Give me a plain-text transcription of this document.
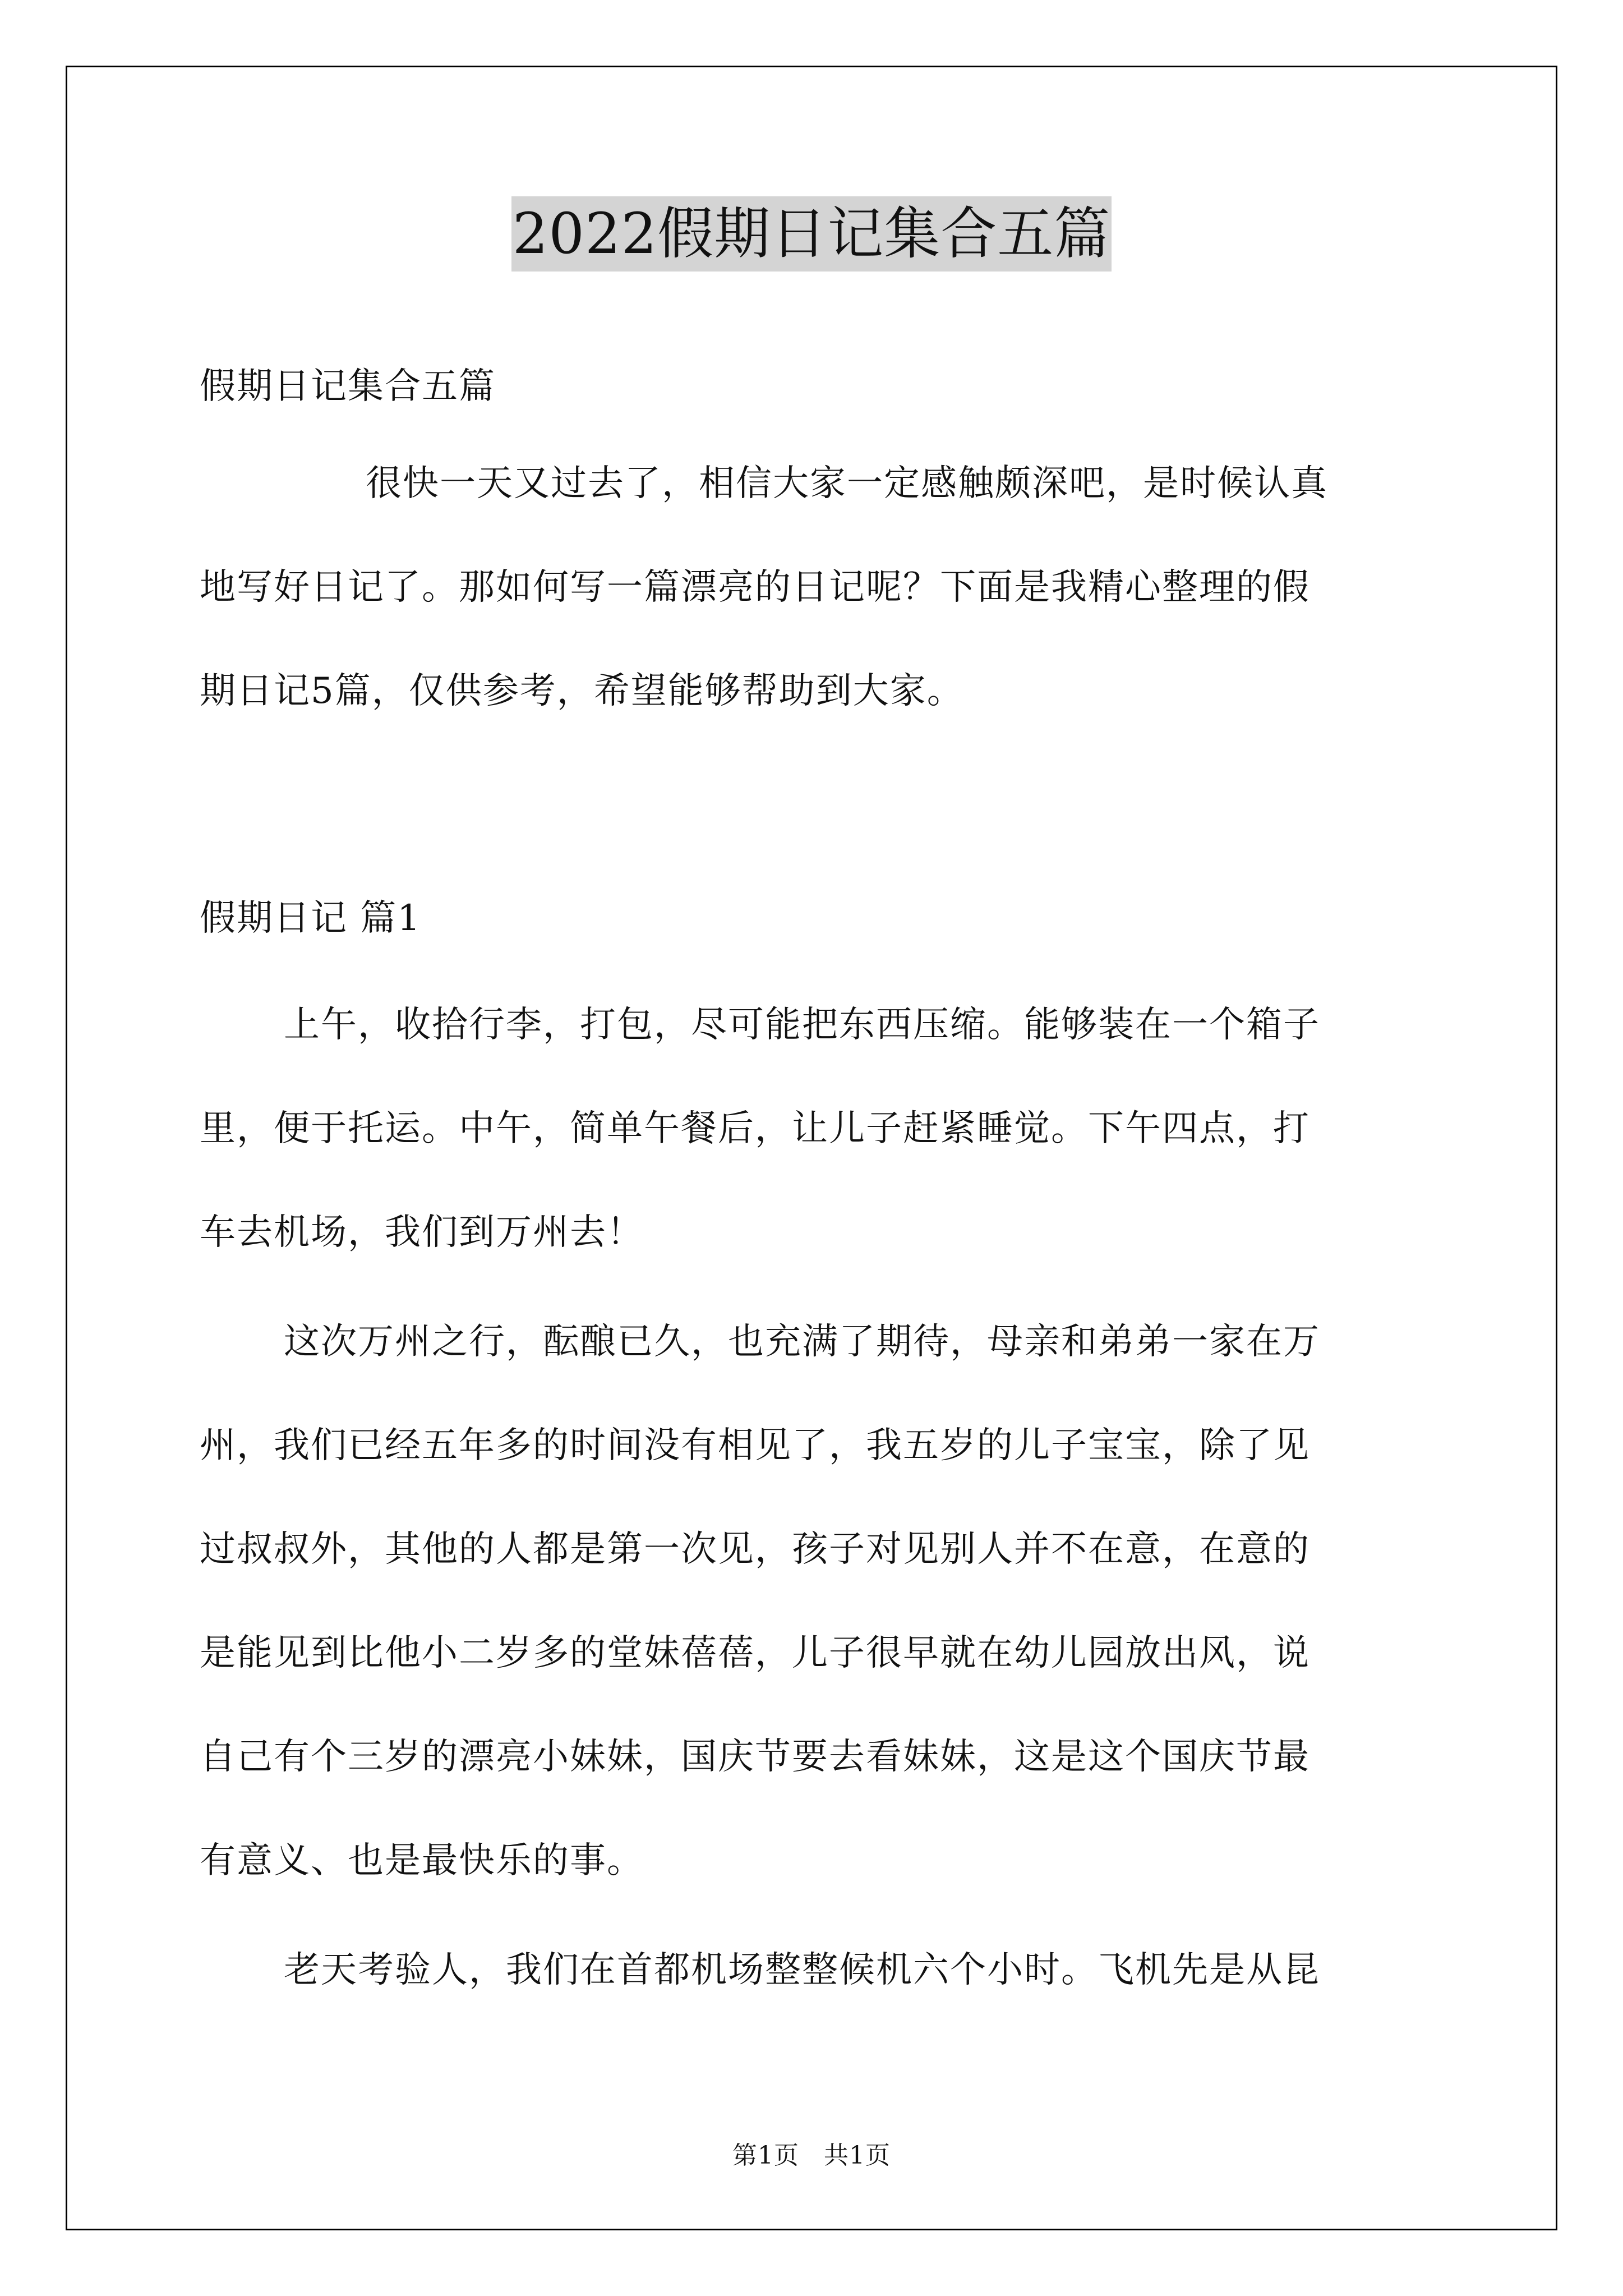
2022假期日记集合五篇
假期日记集合五篇
很快一天又过去了，相信大家一定感触颇深吧，是时候认真
地写好日记了。那如何写一篇漂亮的日记呢？下面是我精心整理的假
期日记5篇，仅供参考，希望能够帮助到大家。
假期日记 篇1
上午，收拾行李，打包，尽可能把东西压缩。能够装在一个箱子
里，便于托运。中午，简单午餐后，让儿子赶紧睡觉。下午四点，打
车去机场，我们到万州去！
这次万州之行，酝酿已久，也充满了期待，母亲和弟弟一家在万
州，我们已经五年多的时间没有相见了，我五岁的儿子宝宝，除了见
过叔叔外，其他的人都是第一次见，孩子对见别人并不在意，在意的
是能见到比他小二岁多的堂妹蓓蓓，儿子很早就在幼儿园放出风，说
自己有个三岁的漂亮小妹妹，国庆节要去看妹妹，这是这个国庆节最
有意义、也是最快乐的事。
老天考验人，我们在首都机场整整候机六个小时。飞机先是从昆
第1页 共1页
